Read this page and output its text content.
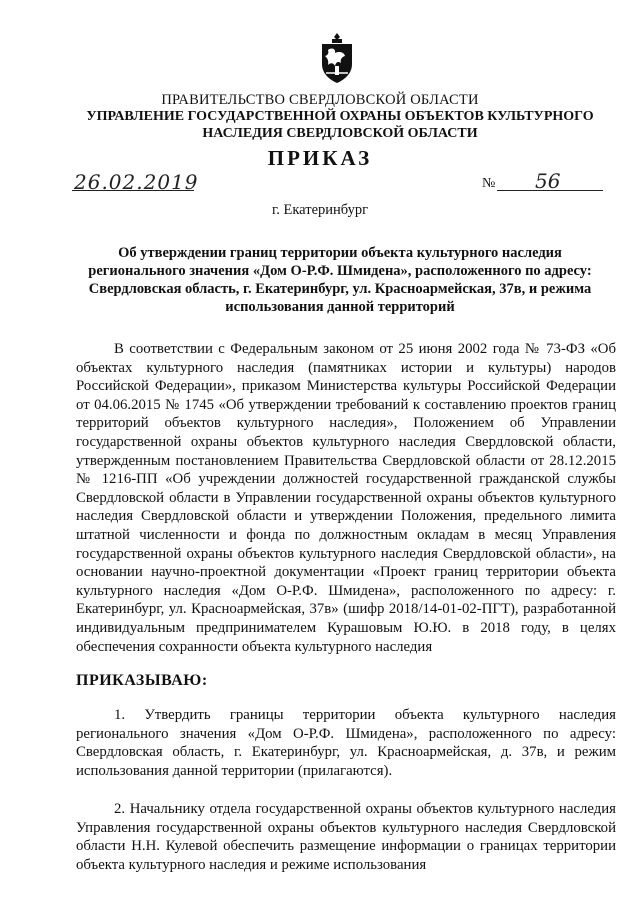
ПРАВИТЕЛЬСТВО СВЕРДЛОВСКОЙ ОБЛАСТИ
УПРАВЛЕНИЕ ГОСУДАРСТВЕННОЙ ОХРАНЫ ОБЪЕКТОВ КУЛЬТУРНОГО НАСЛЕДИЯ СВЕРДЛОВСКОЙ ОБЛАСТИ
ПРИКАЗ
26.02.2019	№ 56
г. Екатеринбург
Об утверждении границ территории объекта культурного наследия регионального значения «Дом О-Р.Ф. Шмидена», расположенного по адресу: Свердловская область, г. Екатеринбург, ул. Красноармейская, 37в, и режима использования данной территорий

В соответствии с Федеральным законом от 25 июня 2002 года № 73-ФЗ «Об объектах культурного наследия (памятниках истории и культуры) народов Российской Федерации», приказом Министерства культуры Российской Федерации от 04.06.2015 № 1745 «Об утверждении требований к составлению проектов границ территорий объектов культурного наследия», Положением об Управлении государственной охраны объектов культурного наследия Свердловской области, утвержденным постановлением Правительства Свердловской области от 28.12.2015 № 1216-ПП «Об учреждении должностей государственной гражданской службы Свердловской области в Управлении государственной охраны объектов культурного наследия Свердловской области и утверждении Положения, предельного лимита штатной численности и фонда по должностным окладам в месяц Управления государственной охраны объектов культурного наследия Свердловской области», на основании научно-проектной документации «Проект границ территории объекта культурного наследия «Дом О-Р.Ф. Шмидена», расположенного по адресу: г. Екатеринбург, ул. Красноармейская, 37в» (шифр 2018/14-01-02-ПГТ), разработанной индивидуальным предпринимателем Курашовым Ю.Ю. в 2018 году, в целях обеспечения сохранности объекта культурного наследия

ПРИКАЗЫВАЮ:

1. Утвердить границы территории объекта культурного наследия регионального значения «Дом О-Р.Ф. Шмидена», расположенного по адресу: Свердловская область, г. Екатеринбург, ул. Красноармейская, д. 37в, и режим использования данной территории (прилагаются).

2. Начальнику отдела государственной охраны объектов культурного наследия Управления государственной охраны объектов культурного наследия Свердловской области Н.Н. Кулевой обеспечить размещение информации о границах территории объекта культурного наследия и режиме использования
